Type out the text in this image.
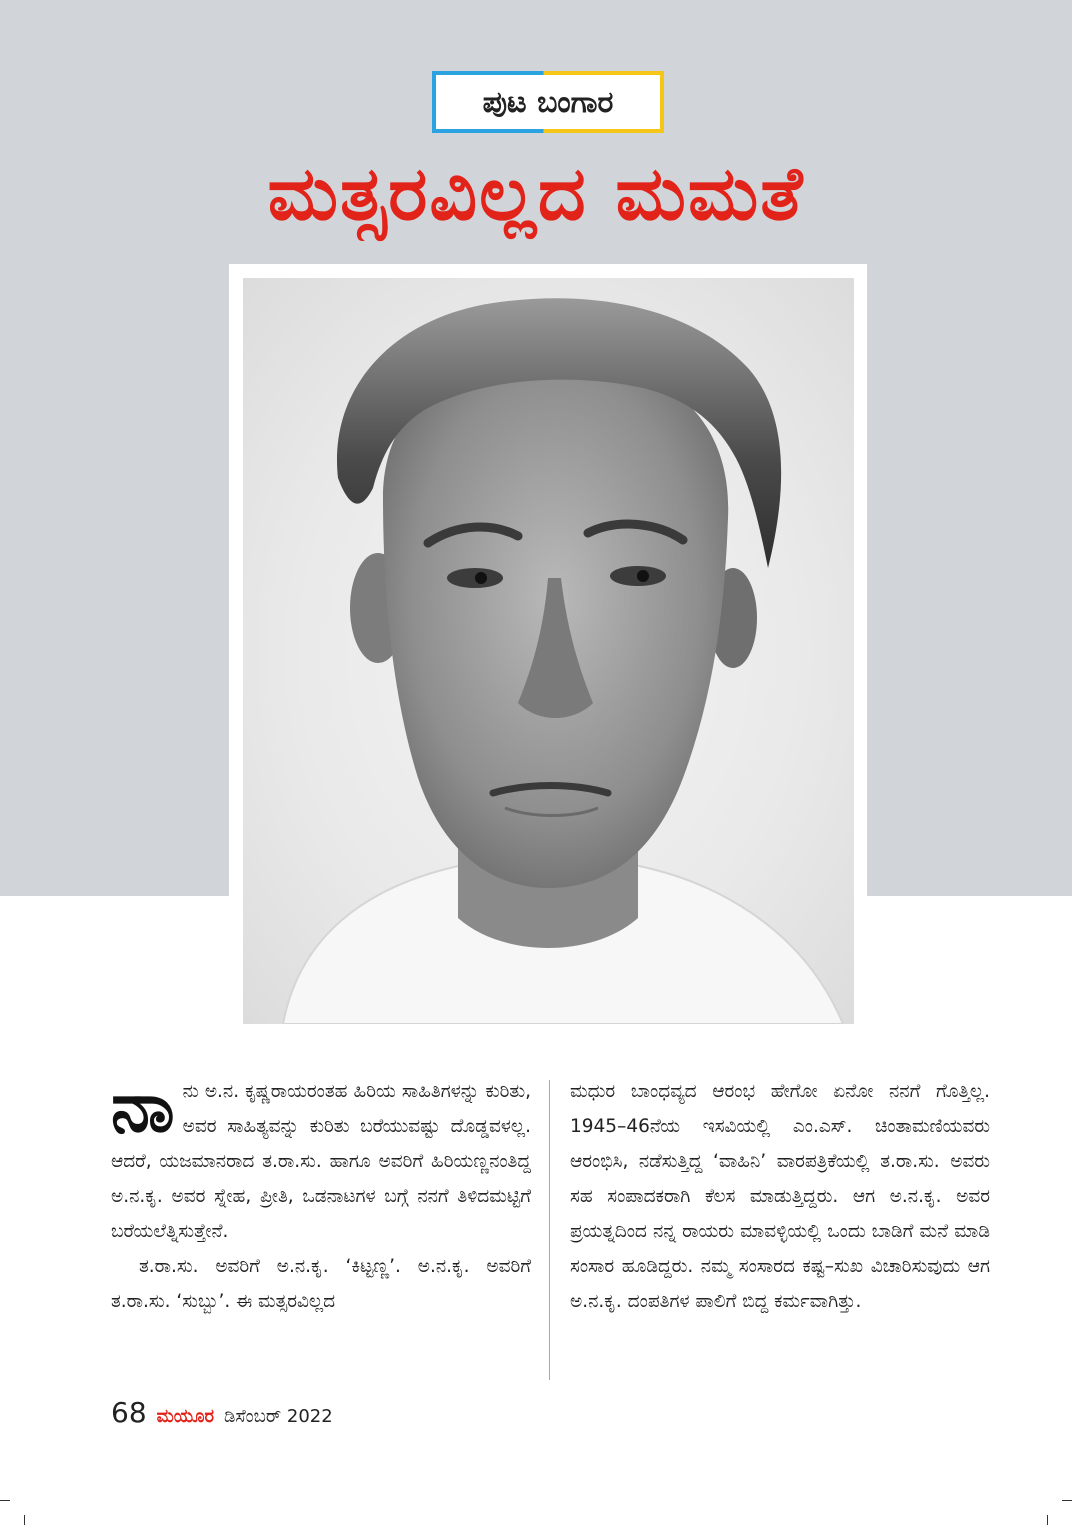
ಪುಟ ಬಂಗಾರ
ಮತ್ಸರವಿಲ್ಲದ ಮಮತೆ

ನಾನು ಅ.ನ. ಕೃಷ್ಣರಾಯರಂತಹ ಹಿರಿಯ ಸಾಹಿತಿಗಳನ್ನು ಕುರಿತು, ಅವರ ಸಾಹಿತ್ಯವನ್ನು ಕುರಿತು ಬರೆಯುವಷ್ಟು ದೊಡ್ಡವಳಲ್ಲ. ಆದರೆ, ಯಜಮಾನರಾದ ತ.ರಾ.ಸು. ಹಾಗೂ ಅವರಿಗೆ ಹಿರಿಯಣ್ಣನಂತಿದ್ದ ಅ.ನ.ಕೃ. ಅವರ ಸ್ನೇಹ, ಪ್ರೀತಿ, ಒಡನಾಟಗಳ ಬಗ್ಗೆ ನನಗೆ ತಿಳಿದಮಟ್ಟಿಗೆ ಬರೆಯಲೆತ್ನಿಸುತ್ತೇನೆ.

ತ.ರಾ.ಸು. ಅವರಿಗೆ ಅ.ನ.ಕೃ. ‘ಕಿಟ್ಟಣ್ಣ’. ಅ.ನ.ಕೃ. ಅವರಿಗೆ ತ.ರಾ.ಸು. ‘ಸುಬ್ಬು’. ಈ ಮತ್ಸರವಿಲ್ಲದ

ಮಧುರ ಬಾಂಧವ್ಯದ ಆರಂಭ ಹೇಗೋ ಏನೋ ನನಗೆ ಗೊತ್ತಿಲ್ಲ. 1945–46ನೆಯ ಇಸವಿಯಲ್ಲಿ ಎಂ.ಎಸ್. ಚಿಂತಾಮಣಿಯವರು ಆರಂಭಿಸಿ, ನಡೆಸುತ್ತಿದ್ದ ‘ವಾಹಿನಿ’ ವಾರಪತ್ರಿಕೆಯಲ್ಲಿ ತ.ರಾ.ಸು. ಅವರು ಸಹ ಸಂಪಾದಕರಾಗಿ ಕೆಲಸ ಮಾಡುತ್ತಿದ್ದರು. ಆಗ ಅ.ನ.ಕೃ. ಅವರ ಪ್ರಯತ್ನದಿಂದ ನನ್ನ ರಾಯರು ಮಾವಳ್ಳಿಯಲ್ಲಿ ಒಂದು ಬಾಡಿಗೆ ಮನೆ ಮಾಡಿ ಸಂಸಾರ ಹೂಡಿದ್ದರು. ನಮ್ಮ ಸಂಸಾರದ ಕಷ್ಟ–ಸುಖ ವಿಚಾರಿಸುವುದು ಆಗ ಅ.ನ.ಕೃ. ದಂಪತಿಗಳ ಪಾಲಿಗೆ ಬಿದ್ದ ಕರ್ಮವಾಗಿತ್ತು.

68 ಮಯೂರ ಡಿಸೆಂಬರ್ 2022
